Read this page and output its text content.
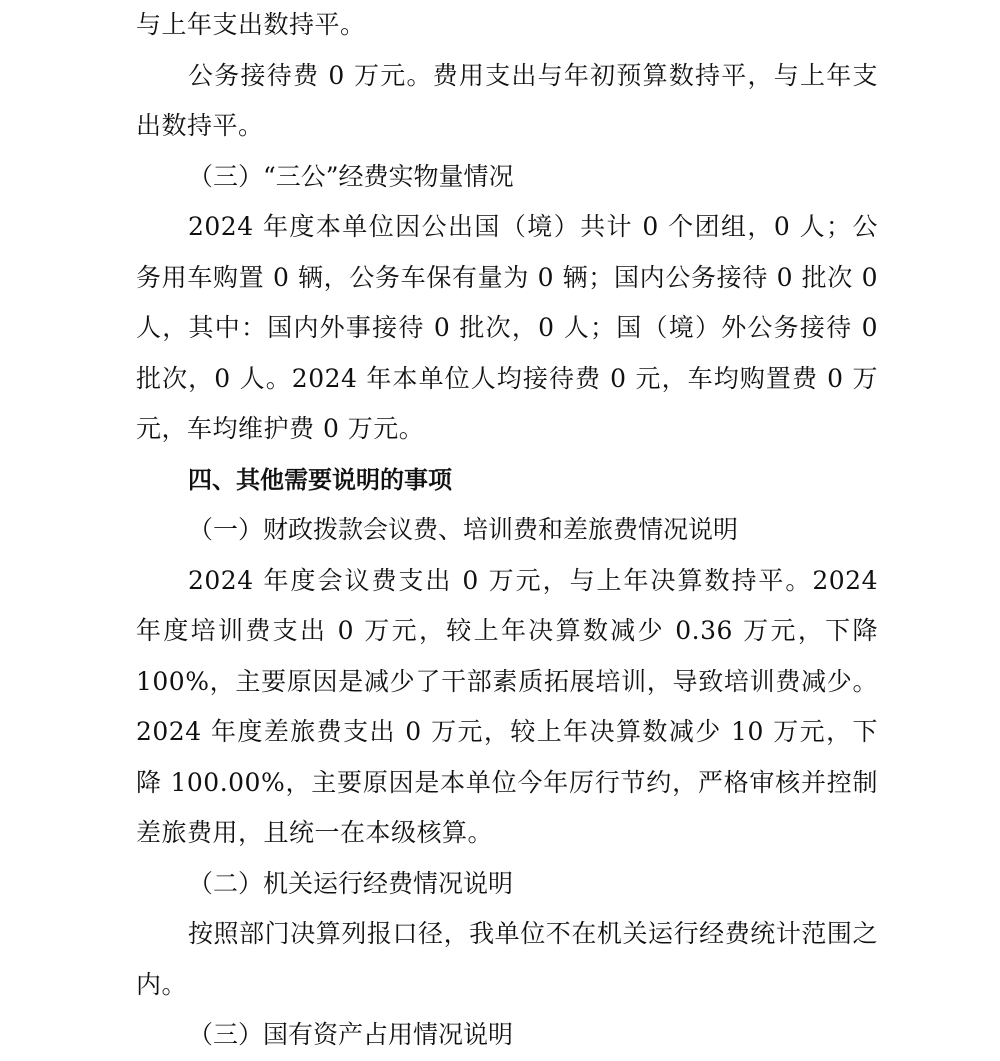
与上年支出数持平。

公务接待费 0 万元。费用支出与年初预算数持平，与上年支出数持平。

（三）“三公”经费实物量情况

2024 年度本单位因公出国（境）共计 0 个团组，0 人；公务用车购置 0 辆，公务车保有量为 0 辆；国内公务接待 0 批次 0 人，其中：国内外事接待 0 批次，0 人；国（境）外公务接待 0 批次，0 人。2024 年本单位人均接待费 0 元，车均购置费 0 万元，车均维护费 0 万元。

四、其他需要说明的事项

（一）财政拨款会议费、培训费和差旅费情况说明

2024 年度会议费支出 0 万元，与上年决算数持平。2024 年度培训费支出 0 万元，较上年决算数减少 0.36 万元，下降 100%，主要原因是减少了干部素质拓展培训，导致培训费减少。2024 年度差旅费支出 0 万元，较上年决算数减少 10 万元，下降 100.00%，主要原因是本单位今年厉行节约，严格审核并控制差旅费用，且统一在本级核算。

（二）机关运行经费情况说明

按照部门决算列报口径，我单位不在机关运行经费统计范围之内。

（三）国有资产占用情况说明
